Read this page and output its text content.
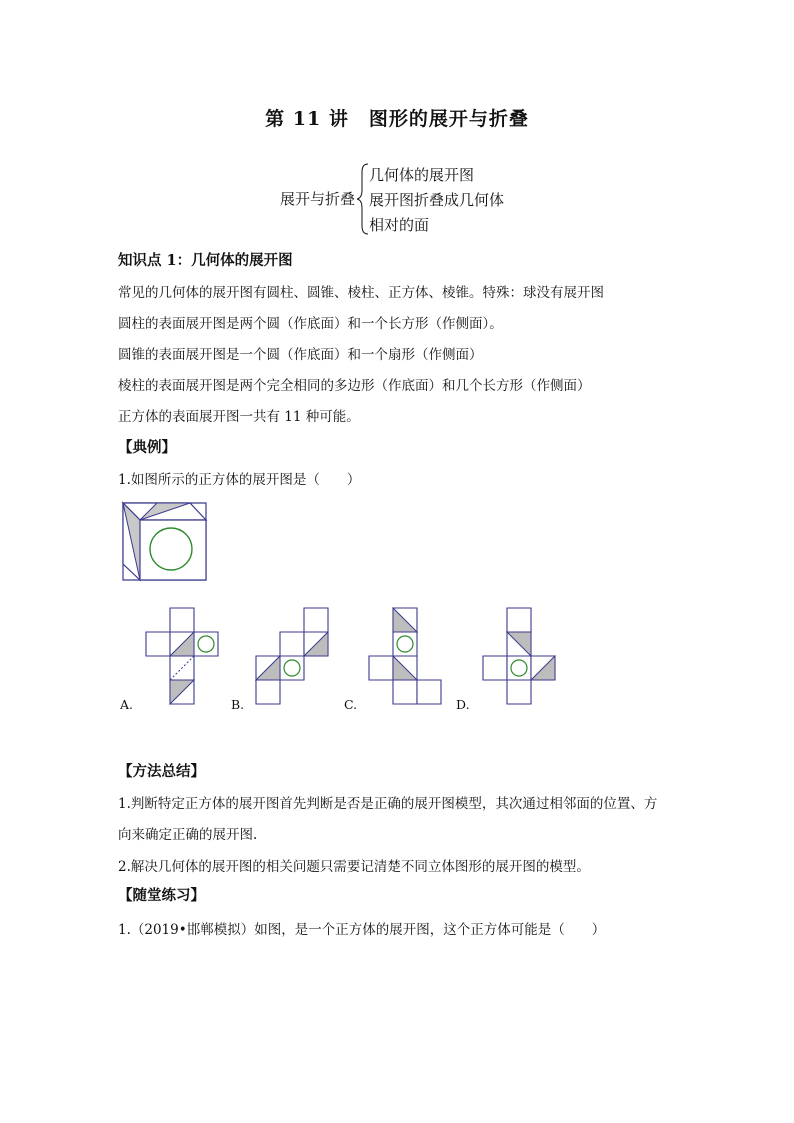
第 11 讲　图形的展开与折叠
展开与折叠
几何体的展开图
展开图折叠成几何体
相对的面
知识点 1：几何体的展开图
常见的几何体的展开图有圆柱、圆锥、棱柱、正方体、棱锥。特殊：球没有展开图
圆柱的表面展开图是两个圆（作底面）和一个长方形（作侧面）。
圆锥的表面展开图是一个圆（作底面）和一个扇形（作侧面）
棱柱的表面展开图是两个完全相同的多边形（作底面）和几个长方形（作侧面）
正方体的表面展开图一共有 11 种可能。
【典例】
1.如图所示的正方体的展开图是（　　）
A.	B.	C.	D.
【方法总结】
1.判断特定正方体的展开图首先判断是否是正确的展开图模型，其次通过相邻面的位置、方
向来确定正确的展开图.
2.解决几何体的展开图的相关问题只需要记清楚不同立体图形的展开图的模型。
【随堂练习】
1.（2019•邯郸模拟）如图，是一个正方体的展开图，这个正方体可能是（　　）
